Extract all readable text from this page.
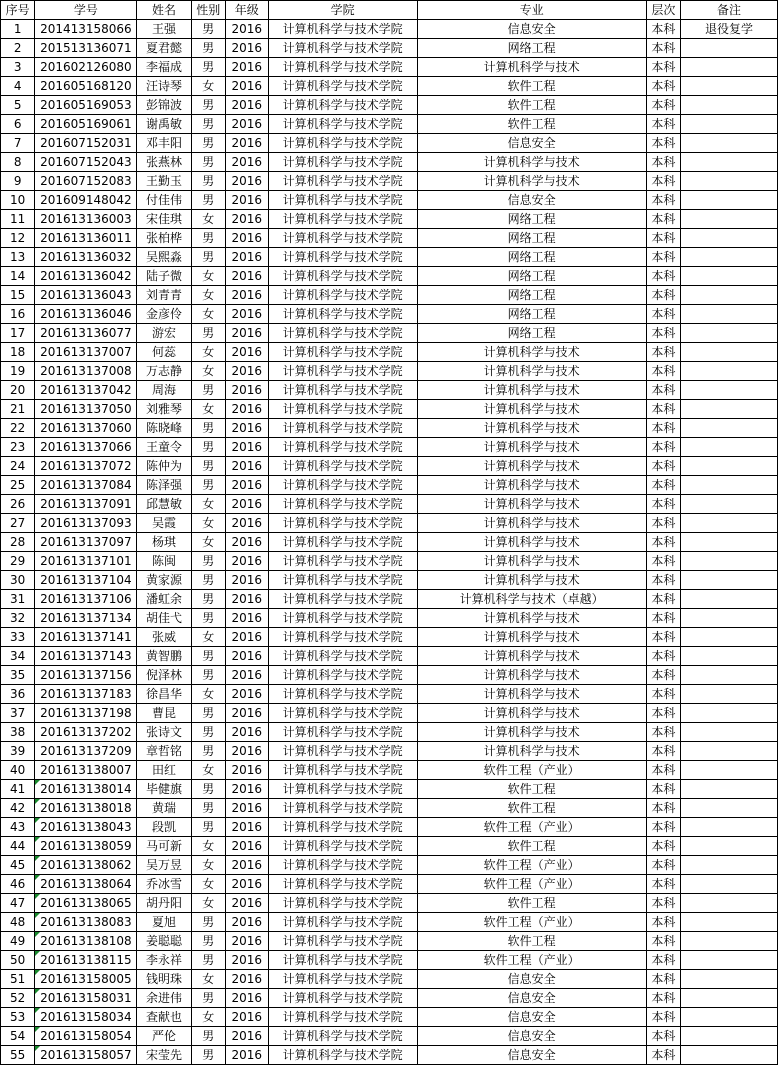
序号	学号	姓名	性别	年级	学院	专业	层次	备注
1	201413158066	王强	男	2016	计算机科学与技术学院	信息安全	本科	退役复学
2	201513136071	夏君懿	男	2016	计算机科学与技术学院	网络工程	本科	
3	201602126080	李福成	男	2016	计算机科学与技术学院	计算机科学与技术	本科	
4	201605168120	汪诗琴	女	2016	计算机科学与技术学院	软件工程	本科	
5	201605169053	彭锦波	男	2016	计算机科学与技术学院	软件工程	本科	
6	201605169061	谢禹敏	男	2016	计算机科学与技术学院	软件工程	本科	
7	201607152031	邓丰阳	男	2016	计算机科学与技术学院	信息安全	本科	
8	201607152043	张燕林	男	2016	计算机科学与技术学院	计算机科学与技术	本科	
9	201607152083	王勤玉	男	2016	计算机科学与技术学院	计算机科学与技术	本科	
10	201609148042	付佳伟	男	2016	计算机科学与技术学院	信息安全	本科	
11	201613136003	宋佳琪	女	2016	计算机科学与技术学院	网络工程	本科	
12	201613136011	张柏桦	男	2016	计算机科学与技术学院	网络工程	本科	
13	201613136032	吴熙淼	男	2016	计算机科学与技术学院	网络工程	本科	
14	201613136042	陆子微	女	2016	计算机科学与技术学院	网络工程	本科	
15	201613136043	刘青青	女	2016	计算机科学与技术学院	网络工程	本科	
16	201613136046	金彦伶	女	2016	计算机科学与技术学院	网络工程	本科	
17	201613136077	游宏	男	2016	计算机科学与技术学院	网络工程	本科	
18	201613137007	何蕊	女	2016	计算机科学与技术学院	计算机科学与技术	本科	
19	201613137008	万志静	女	2016	计算机科学与技术学院	计算机科学与技术	本科	
20	201613137042	周海	男	2016	计算机科学与技术学院	计算机科学与技术	本科	
21	201613137050	刘雅琴	女	2016	计算机科学与技术学院	计算机科学与技术	本科	
22	201613137060	陈晓峰	男	2016	计算机科学与技术学院	计算机科学与技术	本科	
23	201613137066	王童令	男	2016	计算机科学与技术学院	计算机科学与技术	本科	
24	201613137072	陈仲为	男	2016	计算机科学与技术学院	计算机科学与技术	本科	
25	201613137084	陈泽强	男	2016	计算机科学与技术学院	计算机科学与技术	本科	
26	201613137091	邱慧敏	女	2016	计算机科学与技术学院	计算机科学与技术	本科	
27	201613137093	吴霞	女	2016	计算机科学与技术学院	计算机科学与技术	本科	
28	201613137097	杨琪	女	2016	计算机科学与技术学院	计算机科学与技术	本科	
29	201613137101	陈闽	男	2016	计算机科学与技术学院	计算机科学与技术	本科	
30	201613137104	黄家源	男	2016	计算机科学与技术学院	计算机科学与技术	本科	
31	201613137106	潘虹余	男	2016	计算机科学与技术学院	计算机科学与技术（卓越）	本科	
32	201613137134	胡佳弋	男	2016	计算机科学与技术学院	计算机科学与技术	本科	
33	201613137141	张威	女	2016	计算机科学与技术学院	计算机科学与技术	本科	
34	201613137143	黄智鹏	男	2016	计算机科学与技术学院	计算机科学与技术	本科	
35	201613137156	倪泽林	男	2016	计算机科学与技术学院	计算机科学与技术	本科	
36	201613137183	徐昌华	女	2016	计算机科学与技术学院	计算机科学与技术	本科	
37	201613137198	曹昆	男	2016	计算机科学与技术学院	计算机科学与技术	本科	
38	201613137202	张诗文	男	2016	计算机科学与技术学院	计算机科学与技术	本科	
39	201613137209	章哲铭	男	2016	计算机科学与技术学院	计算机科学与技术	本科	
40	201613138007	田红	女	2016	计算机科学与技术学院	软件工程（产业）	本科	
41	201613138014	毕健旗	男	2016	计算机科学与技术学院	软件工程	本科	
42	201613138018	黄瑞	男	2016	计算机科学与技术学院	软件工程	本科	
43	201613138043	段凯	男	2016	计算机科学与技术学院	软件工程（产业）	本科	
44	201613138059	马可新	女	2016	计算机科学与技术学院	软件工程	本科	
45	201613138062	吴万昱	女	2016	计算机科学与技术学院	软件工程（产业）	本科	
46	201613138064	乔冰雪	女	2016	计算机科学与技术学院	软件工程（产业）	本科	
47	201613138065	胡丹阳	女	2016	计算机科学与技术学院	软件工程	本科	
48	201613138083	夏旭	男	2016	计算机科学与技术学院	软件工程（产业）	本科	
49	201613138108	姜聪聪	男	2016	计算机科学与技术学院	软件工程	本科	
50	201613138115	李永祥	男	2016	计算机科学与技术学院	软件工程（产业）	本科	
51	201613158005	钱明珠	女	2016	计算机科学与技术学院	信息安全	本科	
52	201613158031	余进伟	男	2016	计算机科学与技术学院	信息安全	本科	
53	201613158034	查献也	女	2016	计算机科学与技术学院	信息安全	本科	
54	201613158054	严伦	男	2016	计算机科学与技术学院	信息安全	本科	
55	201613158057	宋莹先	男	2016	计算机科学与技术学院	信息安全	本科	
